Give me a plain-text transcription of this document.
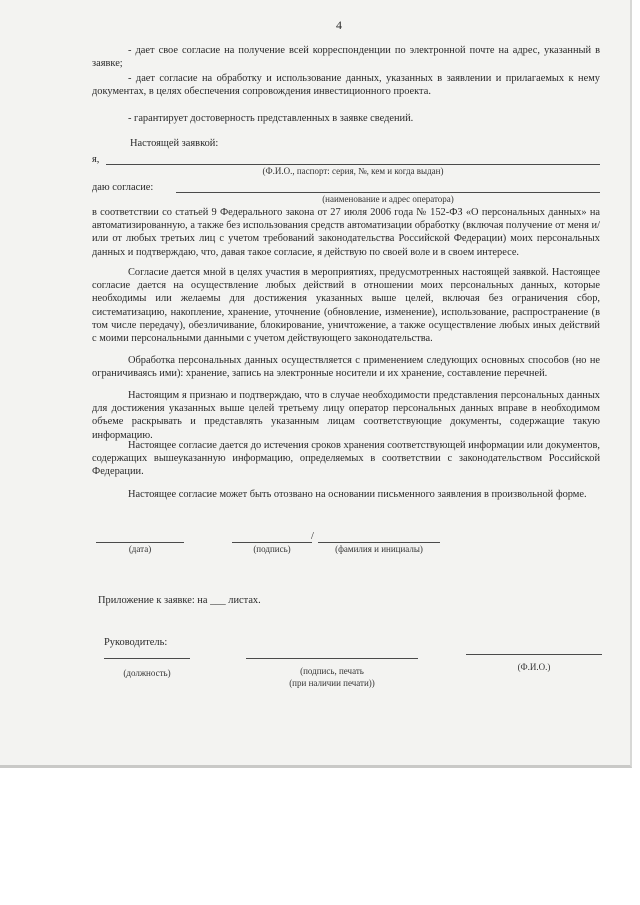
4

- дает свое согласие на получение всей корреспонденции по электронной почте на адрес, указанный в заявке;

- дает согласие на обработку и использование данных, указанных в заявлении и прилагаемых к нему документах, в целях обеспечения сопровождения инвестиционного проекта.

- гарантирует достоверность представленных в заявке сведений.

Настоящей заявкой:
я,
(Ф.И.О., паспорт: серия, №, кем и когда выдан)
даю согласие:
(наименование и адрес оператора)

в соответствии со статьей 9 Федерального закона от 27 июля 2006 года № 152-ФЗ «О персональных данных» на автоматизированную, а также без использования средств автоматизации обработку (включая получение от меня и/или от любых третьих лиц с учетом требований законодательства Российской Федерации) моих персональных данных и подтверждаю, что, давая такое согласие, я действую по своей воле и в своем интересе.

Согласие дается мной в целях участия в мероприятиях, предусмотренных настоящей заявкой. Настоящее согласие дается на осуществление любых действий в отношении моих персональных данных, которые необходимы или желаемы для достижения указанных выше целей, включая без ограничения сбор, систематизацию, накопление, хранение, уточнение (обновление, изменение), использование, распространение (в том числе передачу), обезличивание, блокирование, уничтожение, а также осуществление любых иных действий с моими персональными данными с учетом действующего законодательства.

Обработка персональных данных осуществляется с применением следующих основных способов (но не ограничиваясь ими): хранение, запись на электронные носители и их хранение, составление перечней.

Настоящим я признаю и подтверждаю, что в случае необходимости представления персональных данных для достижения указанных выше целей третьему лицу оператор персональных данных вправе в необходимом объеме раскрывать и представлять указанным лицам соответствующие документы, содержащие такую информацию.

Настоящее согласие дается до истечения сроков хранения соответствующей информации или документов, содержащих вышеуказанную информацию, определяемых в соответствии с законодательством Российской Федерации.

Настоящее согласие может быть отозвано на основании письменного заявления в произвольной форме.

(дата)	(подпись)
/
(фамилия и инициалы)
Приложение к заявке: на ___ листах.
Руководитель:
(должность)	(подпись, печать
(при наличии печати))
(Ф.И.О.)
